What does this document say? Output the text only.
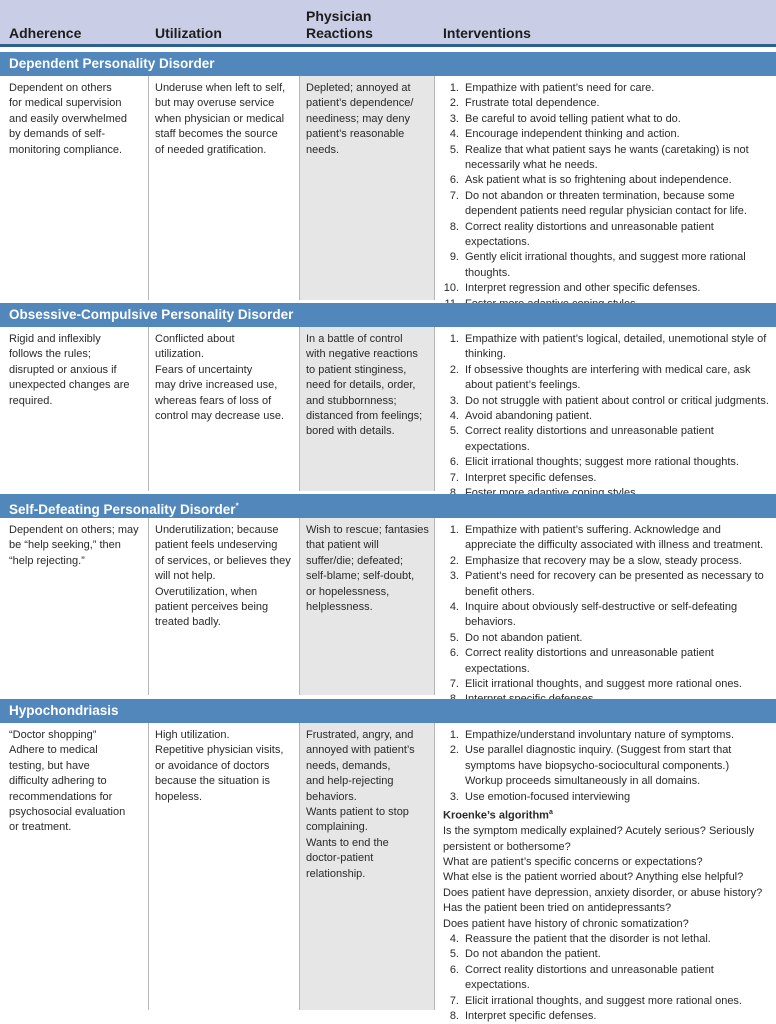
Adherence	Utilization
Physician
Reactions	Interventions
Dependent Personality Disorder
Dependent on others
for medical supervision
and easily overwhelmed
by demands of self-
monitoring compliance.
Underuse when left to self,
but may overuse service
when physician or medical
staff becomes the source
of needed gratification.
Depleted; annoyed at
patient’s dependence/
neediness; may deny
patient’s reasonable
needs.
1. Empathize with patient’s need for care.
2. Frustrate total dependence.
3. Be careful to avoid telling patient what to do.
4. Encourage independent thinking and action.
5. Realize that what patient says he wants (caretaking) is not
necessarily what he needs.
6. Ask patient what is so frightening about independence.
7. Do not abandon or threaten termination, because some
dependent patients need regular physician contact for life.
8. Correct reality distortions and unreasonable patient expectations.
9. Gently elicit irrational thoughts, and suggest more rational
thoughts.
10. Interpret regression and other specific defenses.
Obsessive-Compulsive Personality Disorder
Rigid and inflexibly
follows the rules;
disrupted or anxious if
unexpected changes are
required.
Conflicted about
utilization.
Fears of uncertainty
may drive increased use,
whereas fears of loss of
control may decrease use.
In a battle of control
with negative reactions
to patient stinginess,
need for details, order,
and stubbornness;
distanced from feelings;
bored with details.
1. Empathize with patient’s logical, detailed, unemotional style of
thinking.
2. If obsessive thoughts are interfering with medical care, ask
about patient’s feelings.
3. Do not struggle with patient about control or critical judgments.
4. Avoid abandoning patient.
5. Correct reality distortions and unreasonable patient expectations.
6. Elicit irrational thoughts; suggest more rational thoughts.
7. Interpret specific defenses.
Self-Defeating Personality Disorder*
Dependent on others; may
be “help seeking,” then
“help rejecting.”
Underutilization; because
patient feels undeserving
of services, or believes they
will not help.
Overutilization, when
patient perceives being
treated badly.
Wish to rescue; fantasies
that patient will
suffer/die; defeated;
self-blame; self-doubt,
or hopelessness,
helplessness.
1. Empathize with patient’s suffering. Acknowledge and
appreciate the difficulty associated with illness and treatment.
2. Emphasize that recovery may be a slow, steady process.
3. Patient’s need for recovery can be presented as necessary to
benefit others.
4. Inquire about obviously self-destructive or self-defeating behaviors.
5. Do not abandon patient.
6. Correct reality distortions and unreasonable patient expectations.
7. Elicit irrational thoughts, and suggest more rational ones.
Hypochondriasis
“Doctor shopping”
Adhere to medical
testing, but have
difficulty adhering to
recommendations for
psychosocial evaluation
or treatment.
High utilization.
Repetitive physician visits,
or avoidance of doctors
because the situation is
hopeless.
Frustrated, angry, and
annoyed with patient’s
needs, demands,
and help-rejecting
behaviors.
Wants patient to stop
complaining.
Wants to end the
doctor-patient
relationship.
1. Empathize/understand involuntary nature of symptoms.
2. Use parallel diagnostic inquiry. (Suggest from start that
symptoms have biopsycho-sociocultural components.)
Workup proceeds simultaneously in all domains.
3. Use emotion-focused interviewing

Kroenke’s algorithm$^a$

Is the symptom medically explained? Acutely serious? Seriously
persistent or bothersome?
What are patient’s specific concerns or expectations?
What else is the patient worried about? Anything else helpful?
Does patient have depression, anxiety disorder, or abuse history?
Has the patient been tried on antidepressants?
Does patient have history of chronic somatization?
4. Reassure the patient that the disorder is not lethal.
5. Do not abandon the patient.
6. Correct reality distortions and unreasonable patient expectations.
7. Elicit irrational thoughts, and suggest more rational ones.
8. Interpret specific defenses.
